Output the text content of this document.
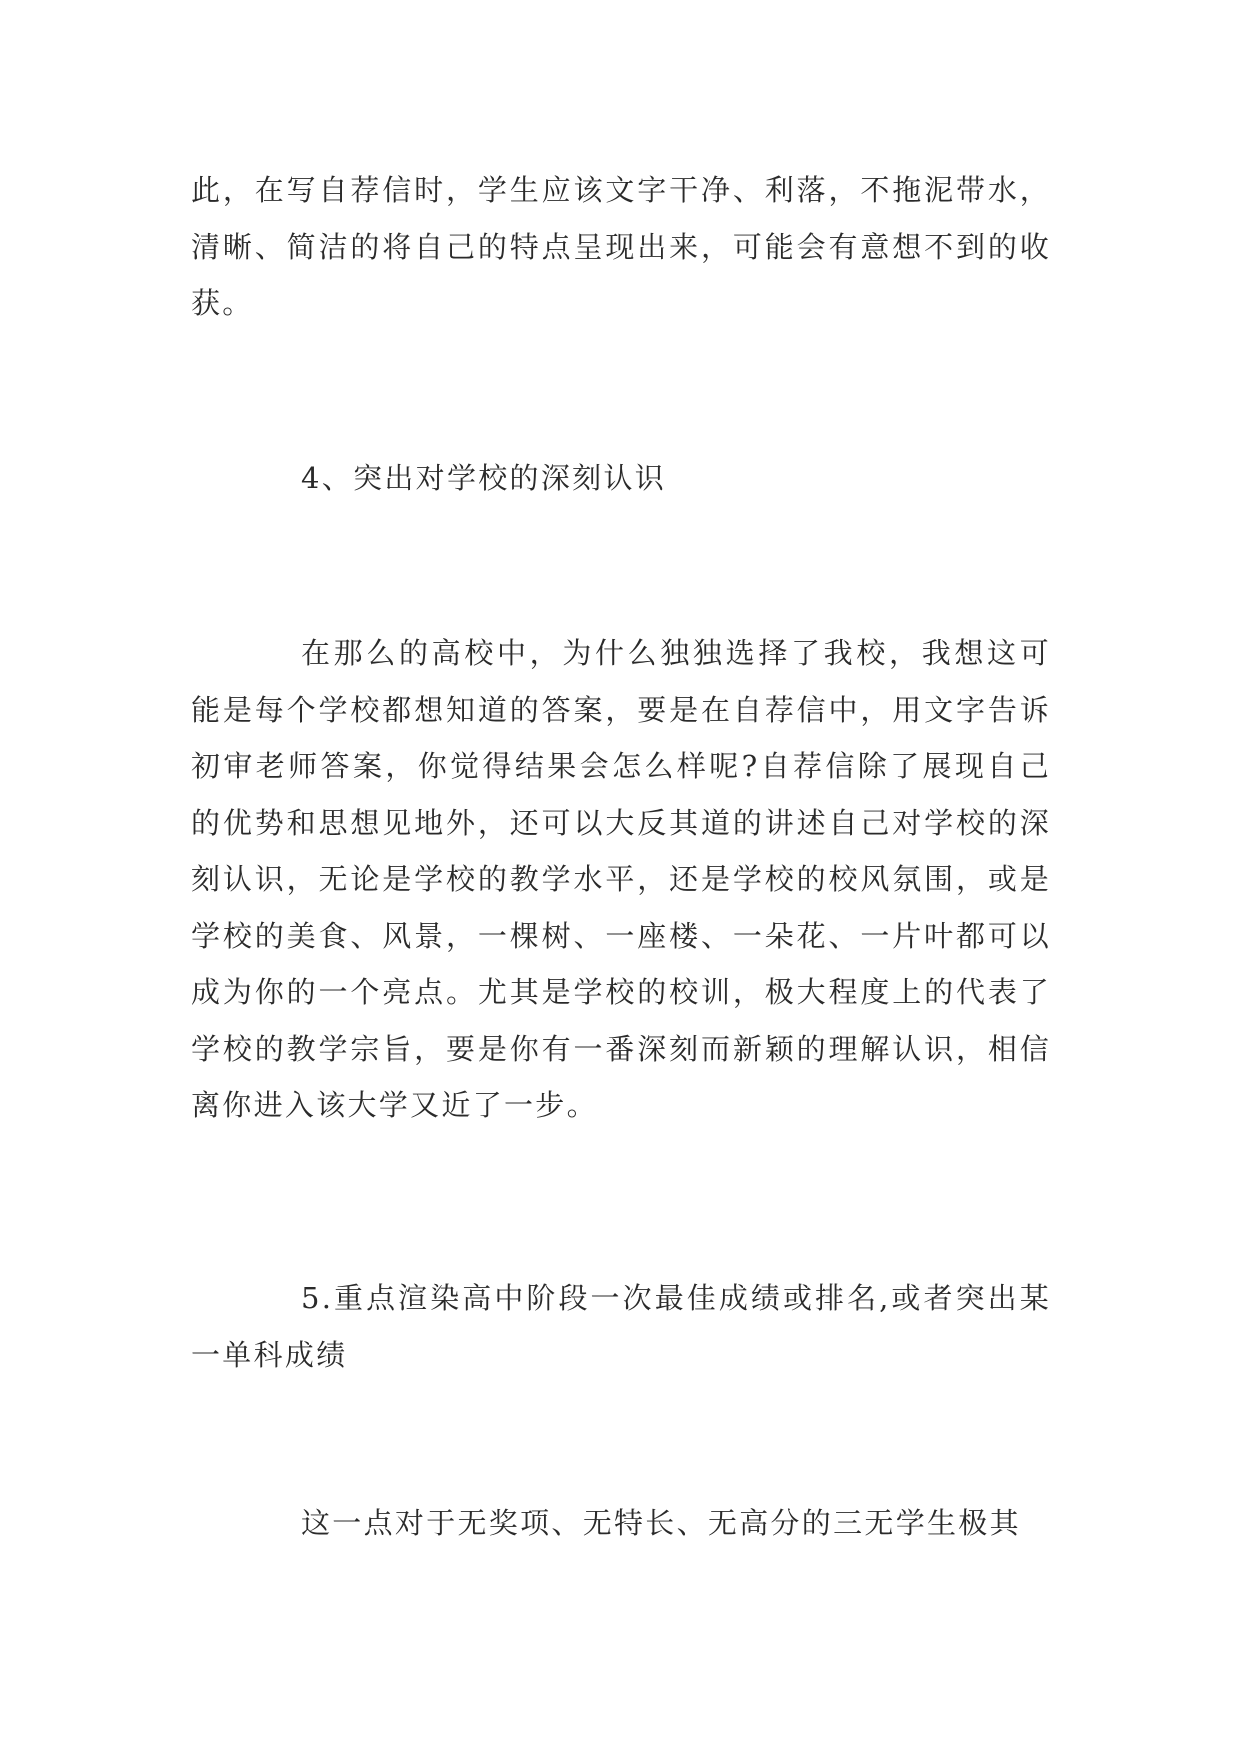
此，在写自荐信时，学生应该文字干净、利落，不拖泥带水，清晰、简洁的将自己的特点呈现出来，可能会有意想不到的收获。

4、突出对学校的深刻认识

在那么的高校中，为什么独独选择了我校，我想这可能是每个学校都想知道的答案，要是在自荐信中，用文字告诉初审老师答案，你觉得结果会怎么样呢?自荐信除了展现自己的优势和思想见地外，还可以大反其道的讲述自己对学校的深刻认识，无论是学校的教学水平，还是学校的校风氛围，或是学校的美食、风景，一棵树、一座楼、一朵花、一片叶都可以成为你的一个亮点。尤其是学校的校训，极大程度上的代表了学校的教学宗旨，要是你有一番深刻而新颖的理解认识，相信离你进入该大学又近了一步。

5.重点渲染高中阶段一次最佳成绩或排名,或者突出某一单科成绩

这一点对于无奖项、无特长、无高分的三无学生极其
